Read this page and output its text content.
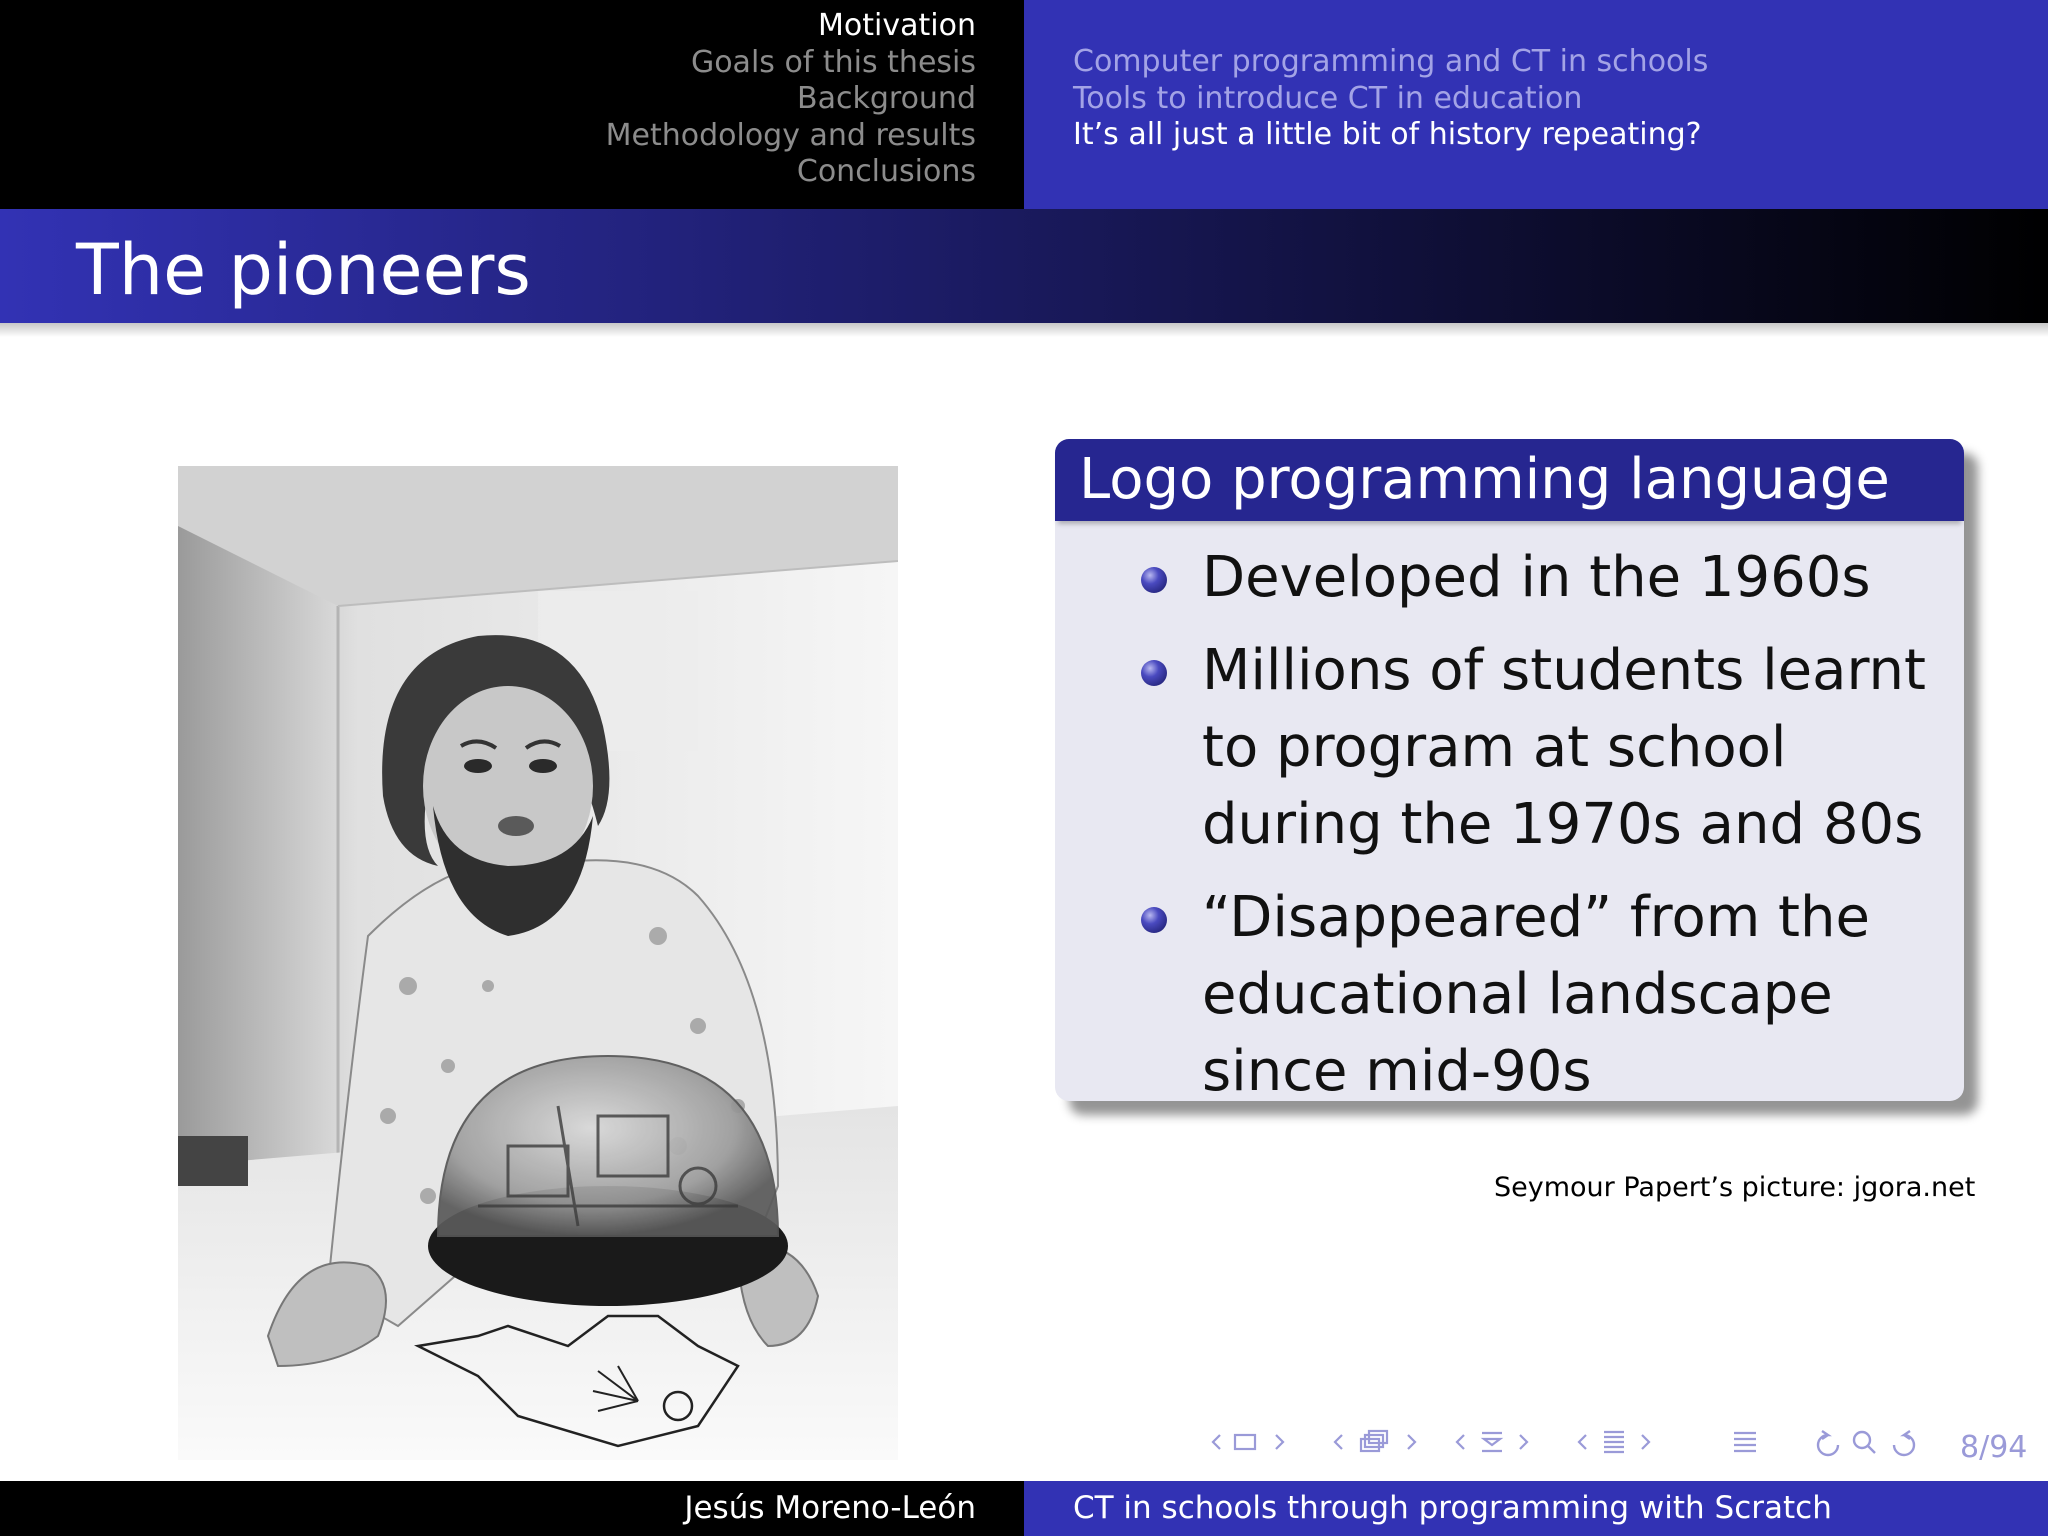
Motivation
Goals of this thesis
Background
Methodology and results
Conclusions
Computer programming and CT in schools
Tools to introduce CT in education
It’s all just a little bit of history repeating?
The pioneers
Logo programming language
Developed in the 1960s
Millions of students learnt to program at school during the 1970s and 80s
“Disappeared” from the educational landscape since mid-90s
Seymour Papert’s picture: jgora.net
8/94
Jesús Moreno-León	CT in schools through programming with Scratch
